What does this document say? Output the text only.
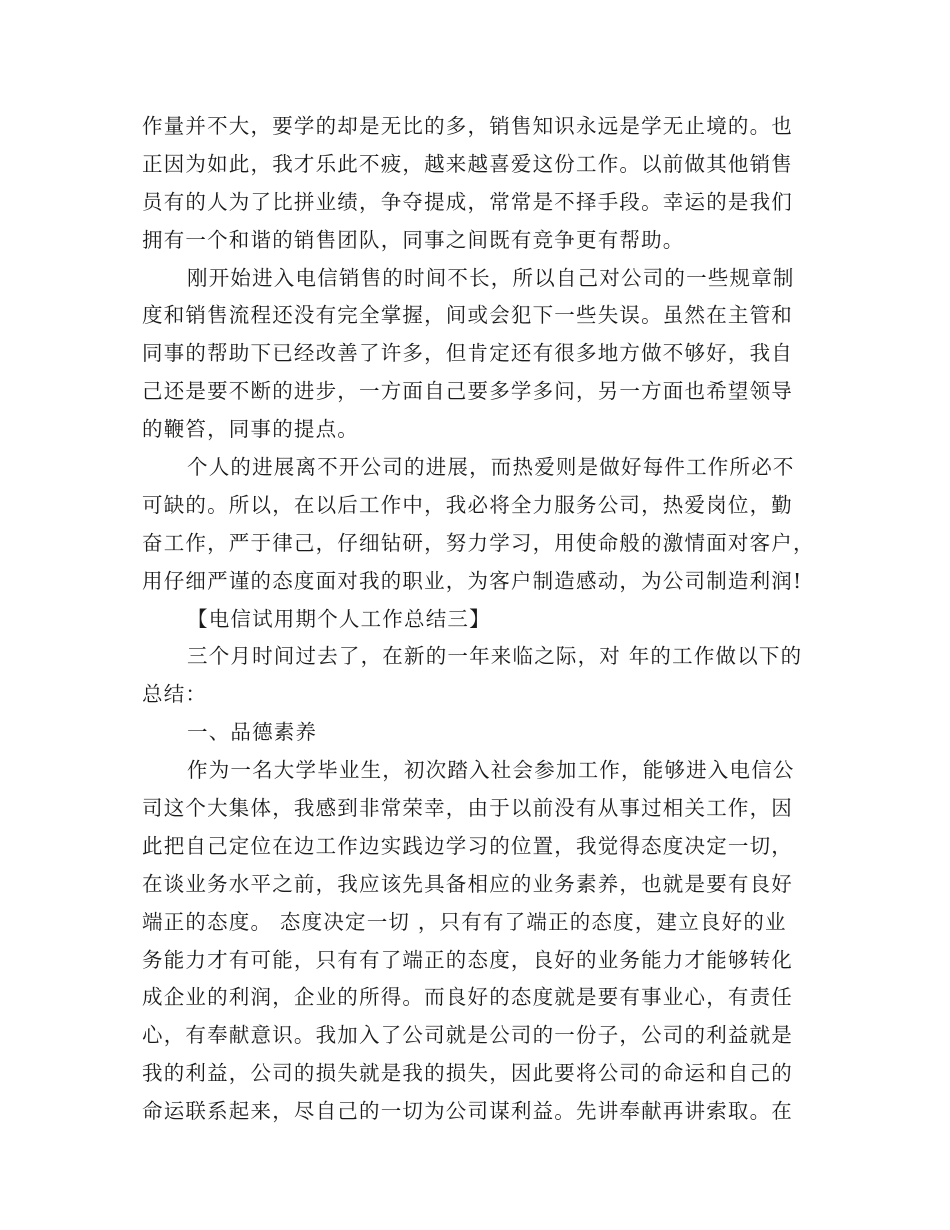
作量并不大，要学的却是无比的多，销售知识永远是学无止境的。也
正因为如此，我才乐此不疲，越来越喜爱这份工作。以前做其他销售
员有的人为了比拼业绩，争夺提成，常常是不择手段。幸运的是我们
拥有一个和谐的销售团队，同事之间既有竞争更有帮助。
刚开始进入电信销售的时间不长，所以自己对公司的一些规章制
度和销售流程还没有完全掌握，间或会犯下一些失误。虽然在主管和
同事的帮助下已经改善了许多，但肯定还有很多地方做不够好，我自
己还是要不断的进步，一方面自己要多学多问，另一方面也希望领导
的鞭笞，同事的提点。
个人的进展离不开公司的进展，而热爱则是做好每件工作所必不
可缺的。所以，在以后工作中，我必将全力服务公司，热爱岗位，勤
奋工作，严于律己，仔细钻研，努力学习，用使命般的激情面对客户，
用仔细严谨的态度面对我的职业，为客户制造感动，为公司制造利润!
【电信试用期个人工作总结三】
三个月时间过去了，在新的一年来临之际，对 年的工作做以下的
总结：
一、品德素养
作为一名大学毕业生，初次踏入社会参加工作，能够进入电信公
司这个大集体，我感到非常荣幸，由于以前没有从事过相关工作，因
此把自己定位在边工作边实践边学习的位置，我觉得态度决定一切，
在谈业务水平之前，我应该先具备相应的业务素养，也就是要有良好
端正的态度。 态度决定一切 ，只有有了端正的态度，建立良好的业
务能力才有可能，只有有了端正的态度，良好的业务能力才能够转化
成企业的利润，企业的所得。而良好的态度就是要有事业心，有责任
心，有奉献意识。我加入了公司就是公司的一份子，公司的利益就是
我的利益，公司的损失就是我的损失，因此要将公司的命运和自己的
命运联系起来，尽自己的一切为公司谋利益。先讲奉献再讲索取。在
